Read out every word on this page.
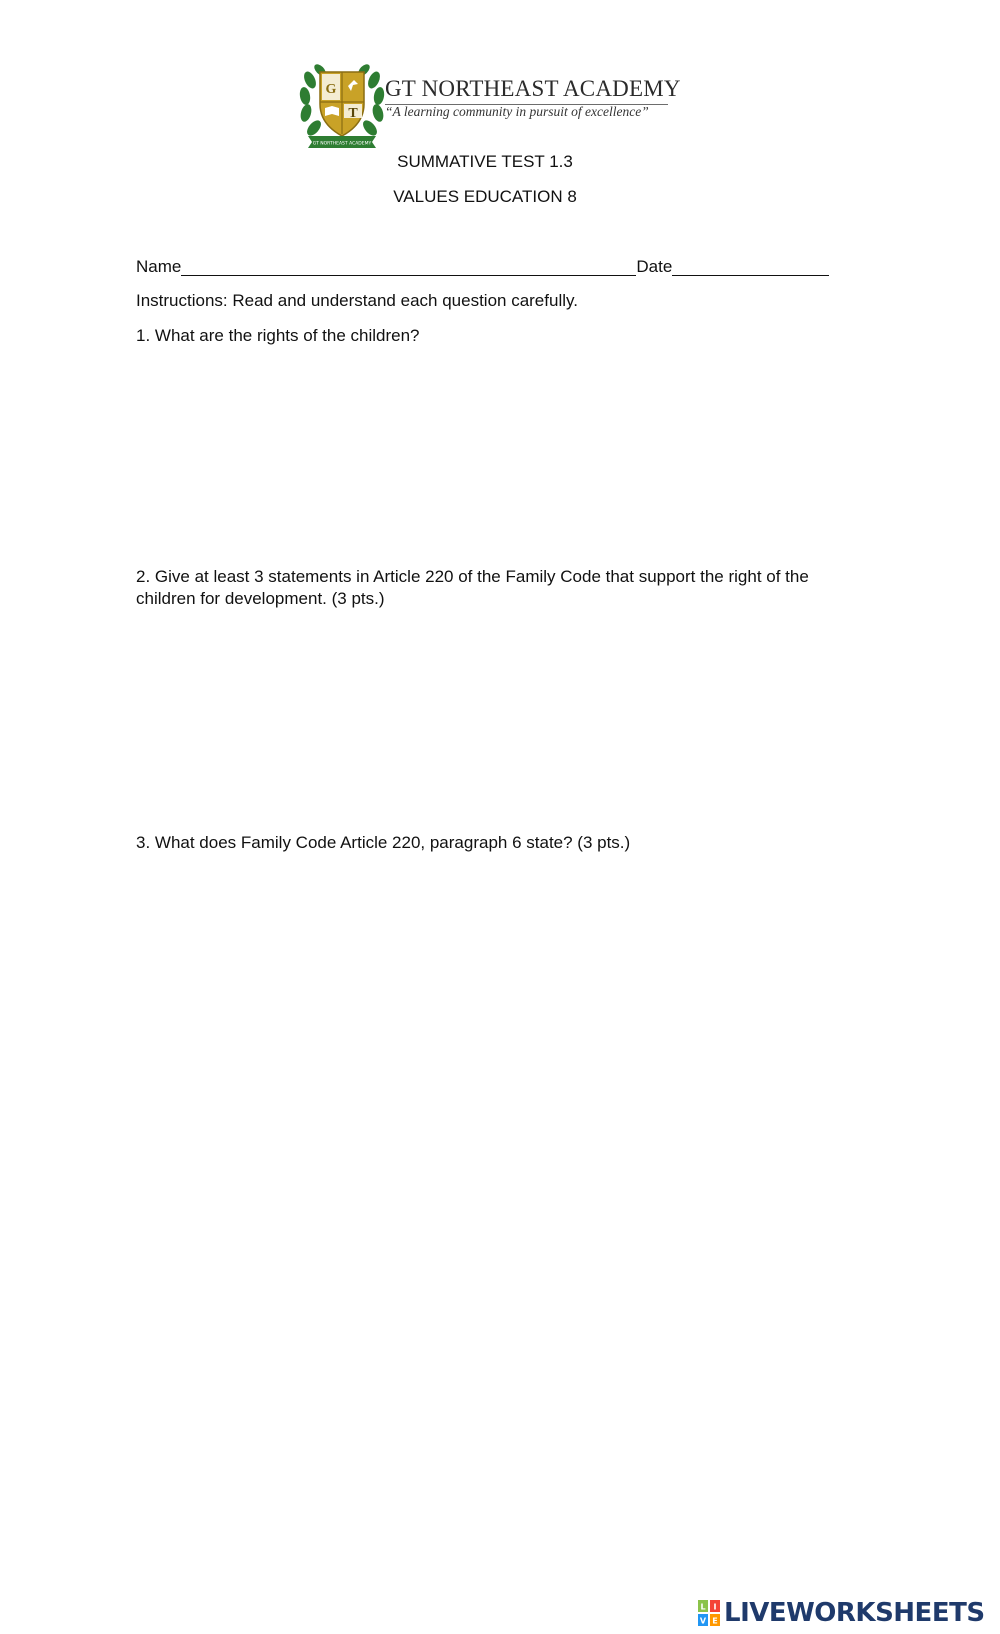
G
T
GT NORTHEAST ACADEMY
GT NORTHEAST ACADEMY
“A learning community in pursuit of excellence”
SUMMATIVE TEST 1.3
VALUES EDUCATION 8
Name	Date
Instructions: Read and understand each question carefully.
1. What are the rights of the children?
2. Give at least 3 statements in Article 220 of the Family Code that support the right of the children for development. (3 pts.)
3. What does Family Code Article 220, paragraph 6 state? (3 pts.)
L I
V E LIVEWORKSHEETS
